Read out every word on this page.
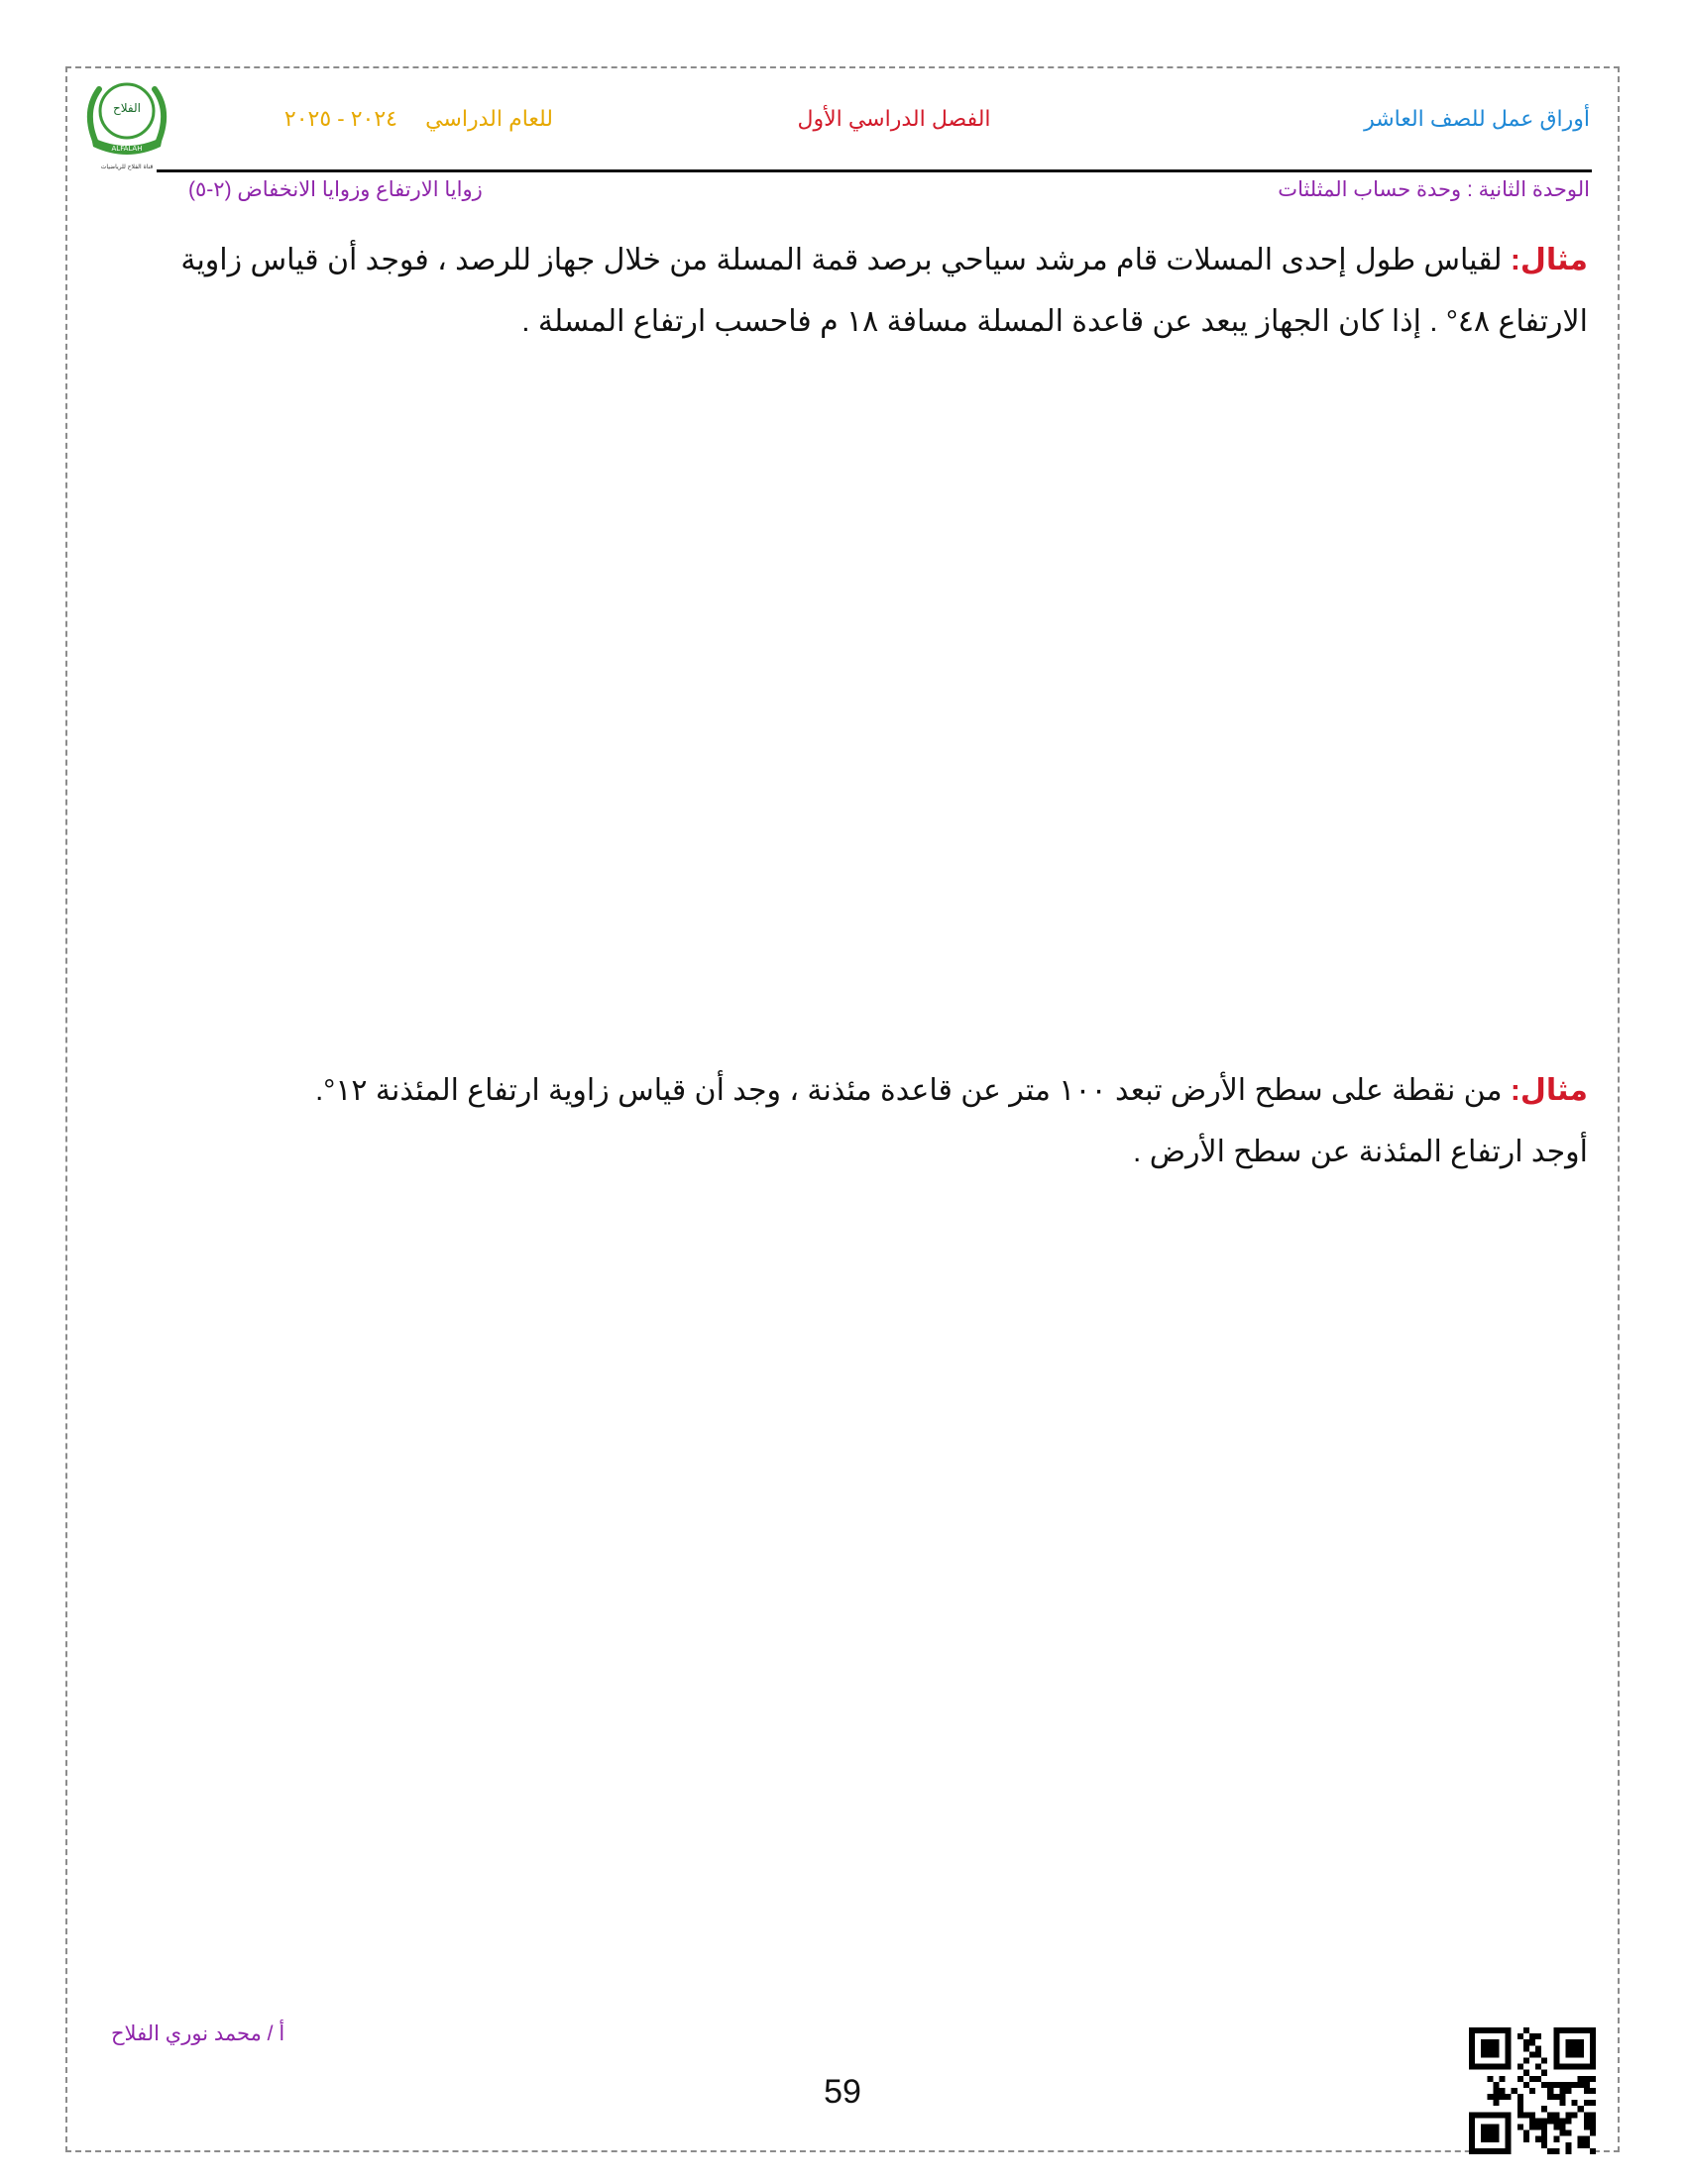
الفلاح
ALFALAH
قناة الفلاح للرياضيات
أوراق عمل للصف العاشر
الفصل الدراسي الأول
للعام الدراسي ٢٠٢٤ - ٢٠٢٥
الوحدة الثانية : وحدة حساب المثلثات
زوايا الارتفاع وزوايا الانخفاض (٢-٥)
مثال: لقياس طول إحدى المسلات قام مرشد سياحي برصد قمة المسلة من خلال جهاز للرصد ، فوجد أن قياس زاوية الارتفاع ٤٨° . إذا كان الجهاز يبعد عن قاعدة المسلة مسافة ١٨ م فاحسب ارتفاع المسلة .
مثال: من نقطة على سطح الأرض تبعد ١٠٠ متر عن قاعدة مئذنة ، وجد أن قياس زاوية ارتفاع المئذنة ١٢°. أوجد ارتفاع المئذنة عن سطح الأرض .
أ / محمد نوري الفلاح
59
